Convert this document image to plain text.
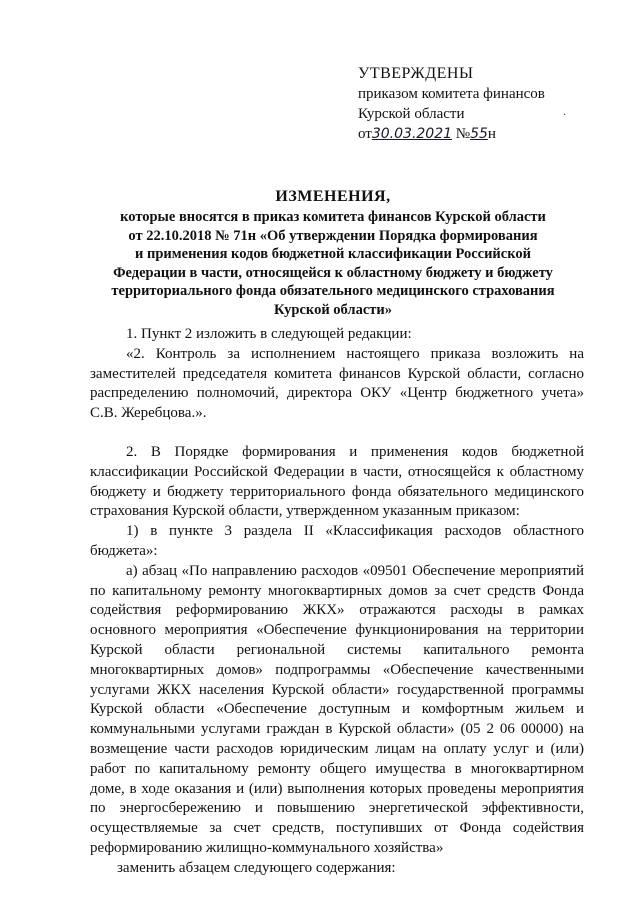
УТВЕРЖДЕНЫ
приказом комитета финансов
Курской области
от30.03.2021 №55н
·
ИЗМЕНЕНИЯ,
которые вносятся в приказ комитета финансов Курской области
от 22.10.2018 № 71н «Об утверждении Порядка формирования
и применения кодов бюджетной классификации Российской
Федерации в части, относящейся к областному бюджету и бюджету
территориального фонда обязательного медицинского страхования
Курской области»

1. Пункт 2 изложить в следующей редакции:

«2. Контроль за исполнением настоящего приказа возложить на заместителей председателя комитета финансов Курской области, согласно распределению полномочий, директора ОКУ «Центр бюджетного учета» С.В. Жеребцова.».

2. В Порядке формирования и применения кодов бюджетной классификации Российской Федерации в части, относящейся к областному бюджету и бюджету территориального фонда обязательного медицинского страхования Курской области, утвержденном указанным приказом:

1) в пункте 3 раздела II «Классификация расходов областного бюджета»:

а) абзац «По направлению расходов «09501 Обеспечение мероприятий по капитальному ремонту многоквартирных домов за счет средств Фонда содействия реформированию ЖКХ» отражаются расходы в рамках основного мероприятия «Обеспечение функционирования на территории Курской области региональной системы капитального ремонта многоквартирных домов» подпрограммы «Обеспечение качественными услугами ЖКХ населения Курской области» государственной программы Курской области «Обеспечение доступным и комфортным жильем и коммунальными услугами граждан в Курской области» (05 2 06 00000) на возмещение части расходов юридическим лицам на оплату услуг и (или) работ по капитальному ремонту общего имущества в многоквартирном доме, в ходе оказания и (или) выполнения которых проведены мероприятия по энергосбережению и повышению энергетической эффективности, осуществляемые за счет средств, поступивших от Фонда содействия реформированию жилищно-коммунального хозяйства»

заменить абзацем следующего содержания:
